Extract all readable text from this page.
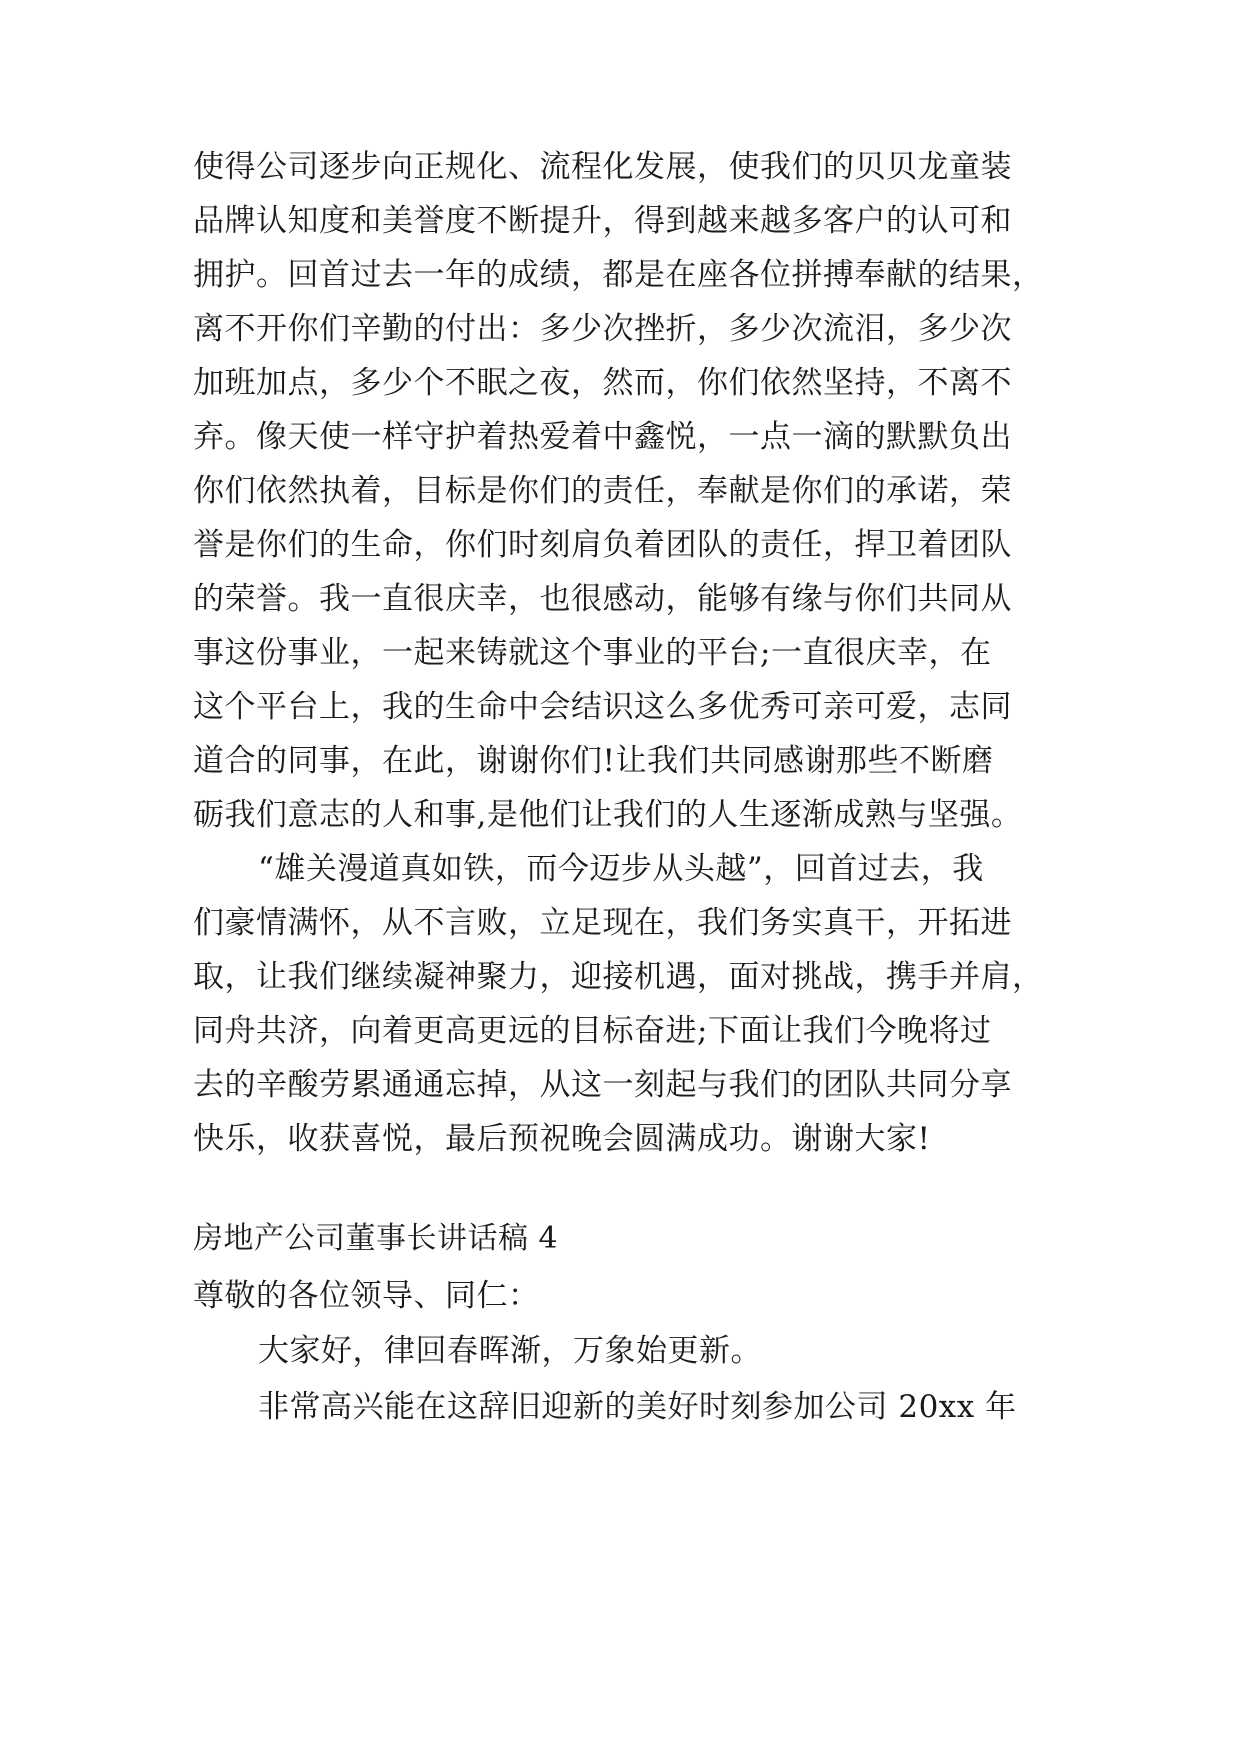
使得公司逐步向正规化、流程化发展，使我们的贝贝龙童装
品牌认知度和美誉度不断提升，得到越来越多客户的认可和
拥护。回首过去一年的成绩，都是在座各位拼搏奉献的结果，
离不开你们辛勤的付出：多少次挫折，多少次流泪，多少次
加班加点，多少个不眠之夜，然而，你们依然坚持，不离不
弃。像天使一样守护着热爱着中鑫悦，一点一滴的默默负出
你们依然执着，目标是你们的责任，奉献是你们的承诺，荣
誉是你们的生命，你们时刻肩负着团队的责任，捍卫着团队
的荣誉。我一直很庆幸，也很感动，能够有缘与你们共同从
事这份事业，一起来铸就这个事业的平台;一直很庆幸，在
这个平台上，我的生命中会结识这么多优秀可亲可爱，志同
道合的同事，在此，谢谢你们!让我们共同感谢那些不断磨
砺我们意志的人和事,是他们让我们的人生逐渐成熟与坚强。
“雄关漫道真如铁，而今迈步从头越”，回首过去，我
们豪情满怀，从不言败，立足现在，我们务实真干，开拓进
取，让我们继续凝神聚力，迎接机遇，面对挑战，携手并肩，
同舟共济，向着更高更远的目标奋进;下面让我们今晚将过
去的辛酸劳累通通忘掉，从这一刻起与我们的团队共同分享
快乐，收获喜悦，最后预祝晚会圆满成功。谢谢大家!
房地产公司董事长讲话稿 4
尊敬的各位领导、同仁：
大家好，律回春晖渐，万象始更新。
非常高兴能在这辞旧迎新的美好时刻参加公司 20xx 年
